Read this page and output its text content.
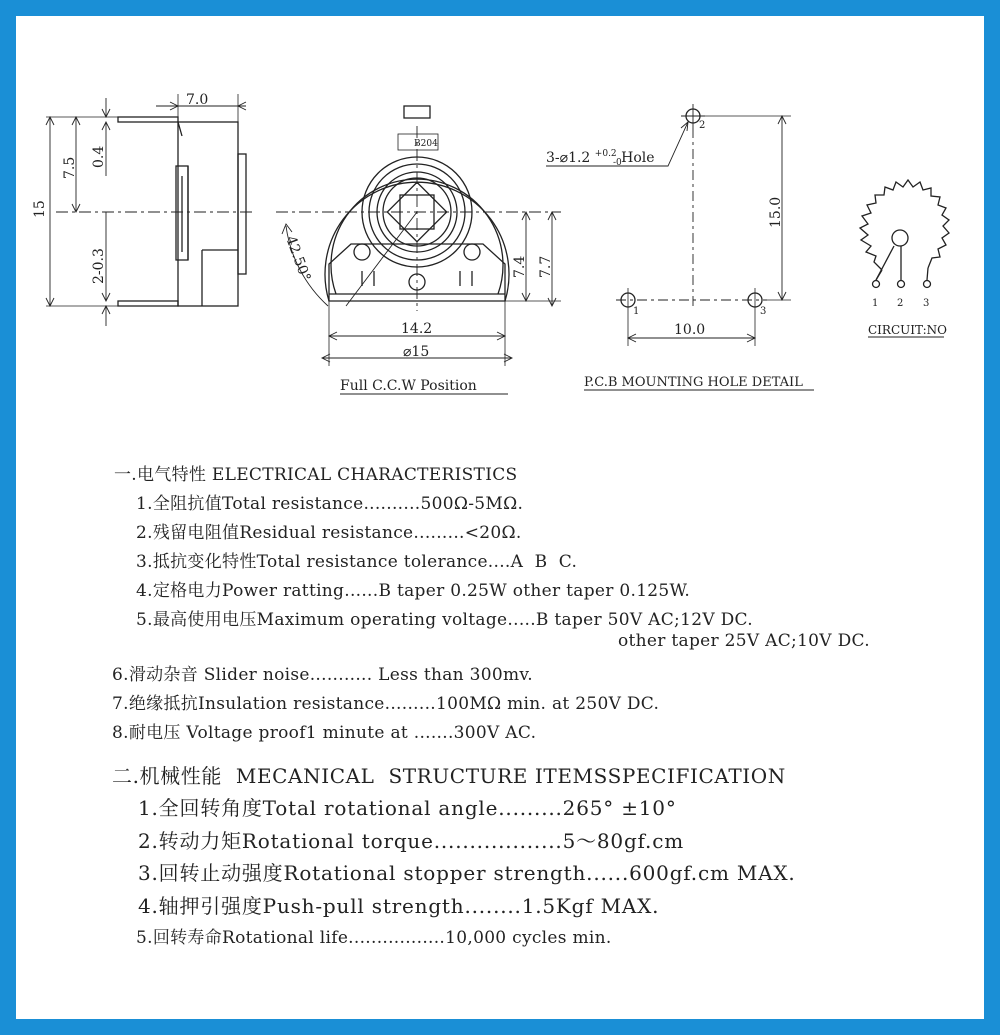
7.0
15
7.5 0.4
2-0.3
B204
42.50°	7.4 7.7
14.2
⌀15
Full C.C.W Position
3-⌀1.2 $^{+0.2}$ Hole
-0
15.0
10.0
2
1	3
P.C.B MOUNTING HOLE DETAIL
1 2 3
CIRCUIT:NO
一.电气特性 ELECTRICAL CHARACTERISTICS
1.全阻抗值Total resistance..........500Ω-5MΩ.
2.残留电阻值Residual resistance.........<20Ω.
3.抵抗变化特性Total resistance tolerance....A  B  C.
4.定格电力Power ratting......B taper 0.25W other taper 0.125W.
5.最高使用电压Maximum operating voltage.....B taper 50V AC;12V DC.
other taper 25V AC;10V DC.
6.滑动杂音 Slider noise........... Less than 300mv.
7.绝缘抵抗Insulation resistance.........100MΩ min. at 250V DC.
8.耐电压 Voltage proof1 minute at .......300V AC.
二.机械性能  MECANICAL  STRUCTURE ITEMSSPECIFICATION
1.全回转角度Total rotational angle.........265° ±10°
2.转动力矩Rotational torque..................5～80gf.cm
3.回转止动强度Rotational stopper strength......600gf.cm MAX.
4.轴押引强度Push-pull strength........1.5Kgf MAX.
5.回转寿命Rotational life.................10,000 cycles min.
